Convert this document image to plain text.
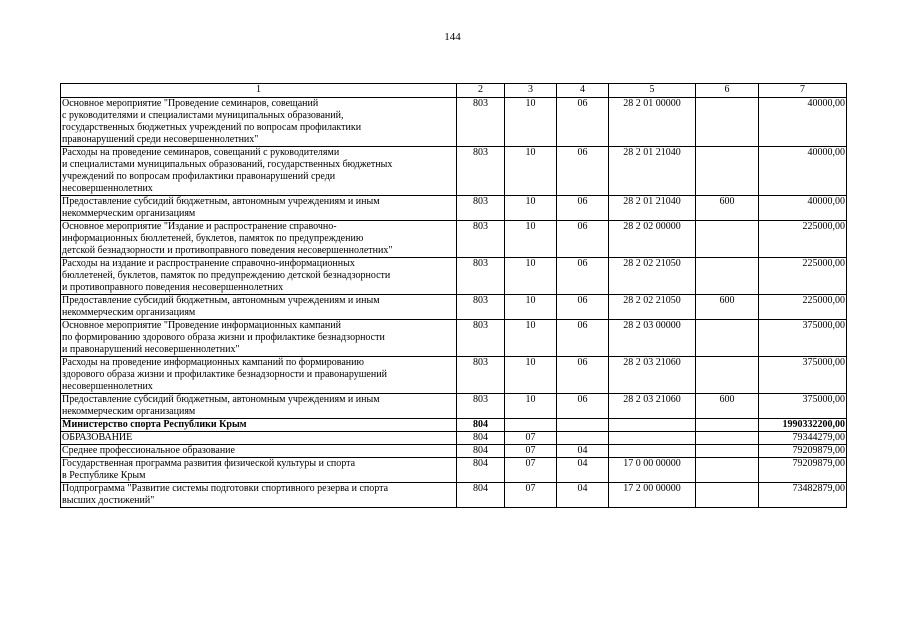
144
1	2	3	4	5	6	7
Основное мероприятие "Проведение семинаров, совещаний
с руководителями и специалистами муниципальных образований,
государственных бюджетных учреждений по вопросам профилактики
правонарушений среди несовершеннолетних"	803	10	06	28 2 01 00000		40000,00
Расходы на проведение семинаров, совещаний с руководителями
и специалистами муниципальных образований, государственных бюджетных
учреждений по вопросам профилактики правонарушений среди
несовершеннолетних	803	10	06	28 2 01 21040		40000,00
Предоставление субсидий бюджетным, автономным учреждениям и иным
некоммерческим организациям	803	10	06	28 2 01 21040	600	40000,00
Основное мероприятие "Издание и распространение справочно-
информационных бюллетеней, буклетов, памяток по предупреждению
детской безнадзорности и противоправного поведения несовершеннолетних"	803	10	06	28 2 02 00000		225000,00
Расходы на издание и распространение справочно-информационных
бюллетеней, буклетов, памяток по предупреждению детской безнадзорности
и противоправного поведения несовершеннолетних	803	10	06	28 2 02 21050		225000,00
Предоставление субсидий бюджетным, автономным учреждениям и иным
некоммерческим организациям	803	10	06	28 2 02 21050	600	225000,00
Основное мероприятие "Проведение информационных кампаний
по формированию здорового образа жизни и профилактике безнадзорности
и правонарушений несовершеннолетних"	803	10	06	28 2 03 00000		375000,00
Расходы на проведение информационных кампаний по формированию
здорового образа жизни и профилактике безнадзорности и правонарушений
несовершеннолетних	803	10	06	28 2 03 21060		375000,00
Предоставление субсидий бюджетным, автономным учреждениям и иным
некоммерческим организациям	803	10	06	28 2 03 21060	600	375000,00
Министерство спорта Республики Крым	804					1990332200,00
ОБРАЗОВАНИЕ	804	07				79344279,00
Среднее профессиональное образование	804	07	04			79209879,00
Государственная программа развития физической культуры и спорта
в Республике Крым	804	07	04	17 0 00 00000		79209879,00
Подпрограмма "Развитие системы подготовки спортивного резерва и спорта
высших достижений"	804	07	04	17 2 00 00000		73482879,00
